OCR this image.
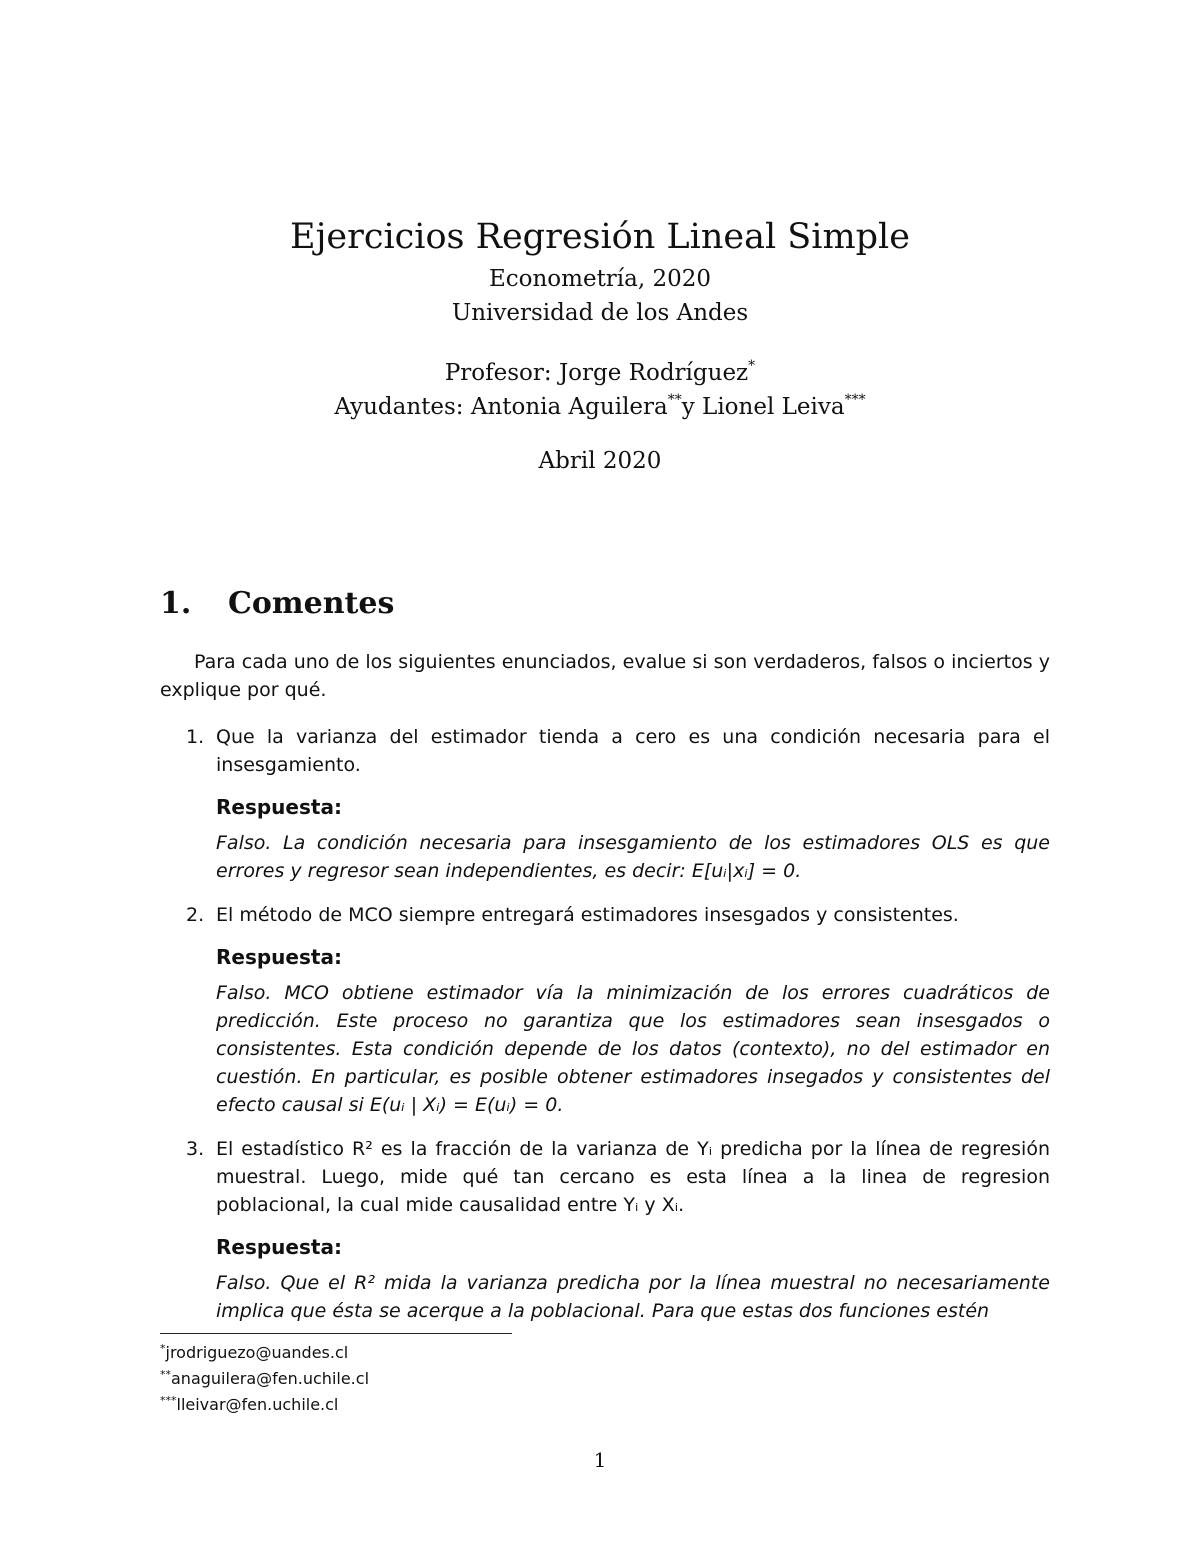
Ejercicios Regresión Lineal Simple

Econometría, 2020

Universidad de los Andes

Profesor: Jorge Rodríguez*

Ayudantes: Antonia Aguilera**y Lionel Leiva***

Abril 2020

1. Comentes

Para cada uno de los siguientes enunciados, evalue si son verdaderos, falsos o inciertos y explique por qué.

1. Que la varianza del estimador tienda a cero es una condición necesaria para el insesgamiento.

Respuesta:

Falso. La condición necesaria para insesgamiento de los estimadores OLS es que errores y regresor sean independientes, es decir: E[uᵢ|xᵢ] = 0.

2. El método de MCO siempre entregará estimadores insesgados y consistentes.

Respuesta:

Falso. MCO obtiene estimador vía la minimización de los errores cuadráticos de predicción. Este proceso no garantiza que los estimadores sean insesgados o consistentes. Esta condición depende de los datos (contexto), no del estimador en cuestión. En particular, es posible obtener estimadores insegados y consistentes del efecto causal si E(uᵢ | Xᵢ) = E(uᵢ) = 0.

3. El estadístico R² es la fracción de la varianza de Yᵢ predicha por la línea de regresión muestral. Luego, mide qué tan cercano es esta línea a la linea de regresion poblacional, la cual mide causalidad entre Yᵢ y Xᵢ.

Respuesta:

Falso. Que el R² mida la varianza predicha por la línea muestral no necesariamente implica que ésta se acerque a la poblacional. Para que estas dos funciones estén

*jrodriguezo@uandes.cl
**anaguilera@fen.uchile.cl
***lleivar@fen.uchile.cl
1
